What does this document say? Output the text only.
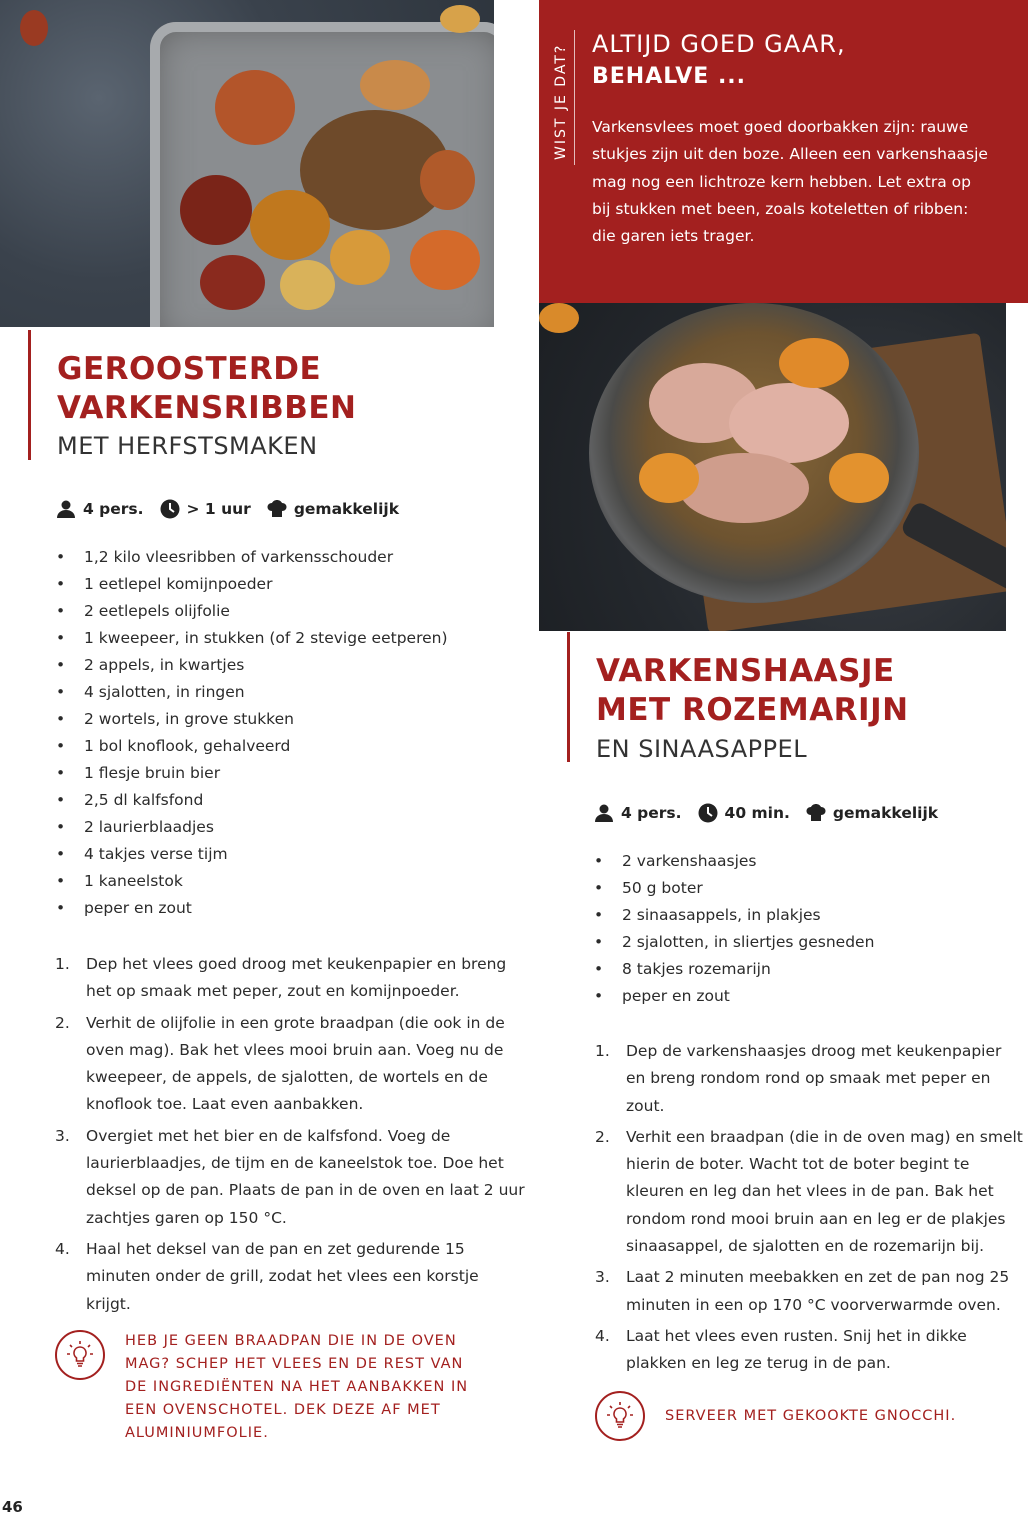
WIST JE DAT? ALTIJD GOED GAAR,
BEHALVE ...
Varkensvlees moet goed doorbakken zijn: rauwe stukjes zijn uit den boze. Alleen een varkenshaasje mag nog een lichtroze kern hebben. Let extra op bij stukken met been, zoals koteletten of ribben: die garen iets trager.
GEROOSTERDE
VARKENSRIBBEN
MET HERFSTSMAKEN
4 pers.	> 1 uur	gemakkelijk
• 1,2 kilo vleesribben of varkensschouder
• 1 eetlepel komijnpoeder
• 2 eetlepels olijfolie
• 1 kweepeer, in stukken (of 2 stevige eetperen)
• 2 appels, in kwartjes
• 4 sjalotten, in ringen
• 2 wortels, in grove stukken
• 1 bol knoflook, gehalveerd
• 1 flesje bruin bier
• 2,5 dl kalfsfond
• 2 laurierblaadjes
• 4 takjes verse tijm
• 1 kaneelstok
• peper en zout
1. Dep het vlees goed droog met keukenpapier en breng het op smaak met peper, zout en komijnpoeder.
2. Verhit de olijfolie in een grote braadpan (die ook in de oven mag). Bak het vlees mooi bruin aan. Voeg nu de kweepeer, de appels, de sjalotten, de wortels en de knoflook toe. Laat even aanbakken.
3. Overgiet met het bier en de kalfsfond. Voeg de laurierblaadjes, de tijm en de kaneelstok toe. Doe het deksel op de pan. Plaats de pan in de oven en laat 2 uur zachtjes garen op 150 °C.
4. Haal het deksel van de pan en zet gedurende 15 minuten onder de grill, zodat het vlees een korstje krijgt.
HEB JE GEEN BRAADPAN DIE IN DE OVEN MAG? SCHEP HET VLEES EN DE REST VAN DE INGREDIËNTEN NA HET AANBAKKEN IN EEN OVENSCHOTEL. DEK DEZE AF MET ALUMINIUMFOLIE.
VARKENSHAASJE
MET ROZEMARIJN
EN SINAASAPPEL
4 pers.	40 min.	gemakkelijk
• 2 varkenshaasjes
• 50 g boter
• 2 sinaasappels, in plakjes
• 2 sjalotten, in sliertjes gesneden
• 8 takjes rozemarijn
• peper en zout
1. Dep de varkenshaasjes droog met keukenpapier en breng rondom rond op smaak met peper en zout.
2. Verhit een braadpan (die in de oven mag) en smelt hierin de boter. Wacht tot de boter begint te kleuren en leg dan het vlees in de pan. Bak het rondom rond mooi bruin aan en leg er de plakjes sinaasappel, de sjalotten en de rozemarijn bij.
3. Laat 2 minuten meebakken en zet de pan nog 25 minuten in een op 170 °C voorverwarmde oven.
4. Laat het vlees even rusten. Snij het in dikke plakken en leg ze terug in de pan.
SERVEER MET GEKOOKTE GNOCCHI.
46
